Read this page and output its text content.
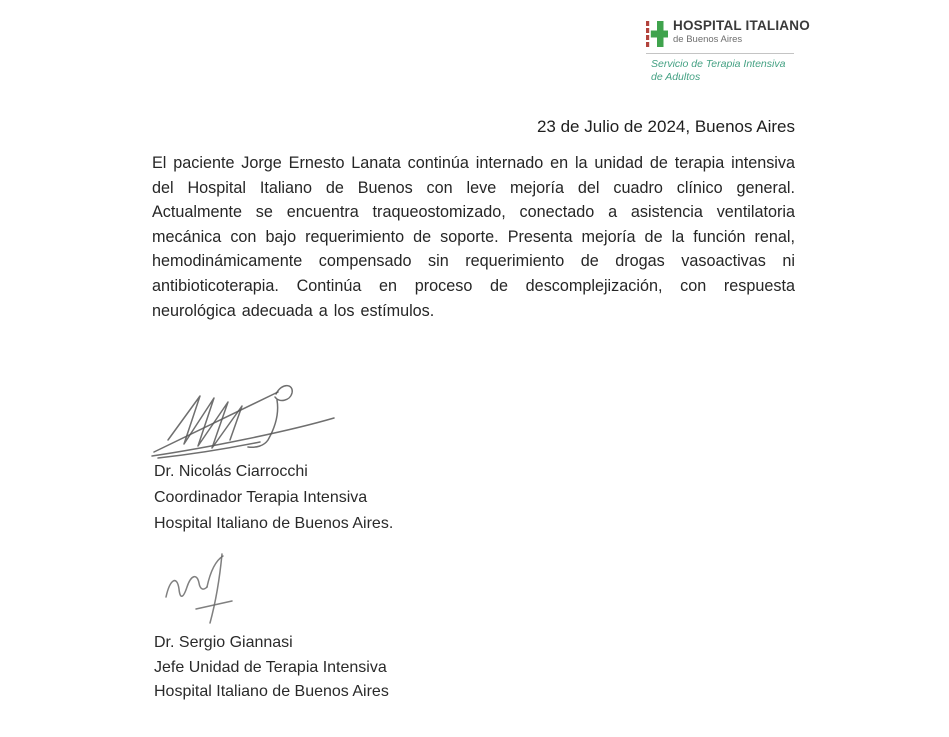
HOSPITAL ITALIANO
de Buenos Aires
Servicio de Terapia Intensiva
de Adultos
23 de Julio de 2024, Buenos Aires

El paciente Jorge Ernesto Lanata continúa internado en la unidad de terapia intensiva del Hospital Italiano de Buenos con leve mejoría del cuadro clínico general. Actualmente se encuentra traqueostomizado, conectado a asistencia ventilatoria mecánica con bajo requerimiento de soporte. Presenta mejoría de la función renal, hemodinámicamente compensado sin requerimiento de drogas vasoactivas ni antibioticoterapia. Continúa en proceso de descomplejización, con respuesta neurológica adecuada a los estímulos.

Dr. Nicolás Ciarrocchi
Coordinador Terapia Intensiva
Hospital Italiano de Buenos Aires.
Dr. Sergio Giannasi
Jefe Unidad de Terapia Intensiva
Hospital Italiano de Buenos Aires
